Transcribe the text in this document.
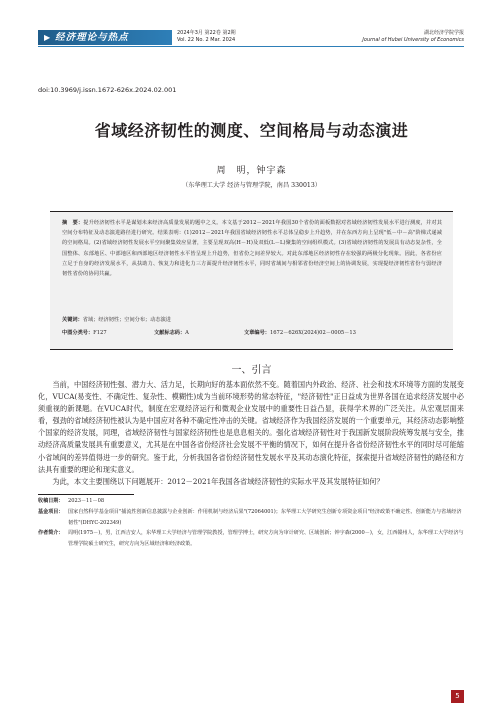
▶ 经济理论与热点	2024年3月 第22卷 第2期
Vol. 22 No. 2 Mar. 2024
湖北经济学院学报
Journal of Hubei University of Economics
doi:10.3969/j.issn.1672-626x.2024.02.001
省域经济韧性的测度、空间格局与动态演进
周　明，钟宇森
（东华理工大学 经济与管理学院，南昌 330013）
摘　要：提升经济韧性水平是谋划未来经济高质量发展的题中之义。本文基于2012－2021年我国30个省份的面板数据对省域经济韧性发展水平进行测度，并对其空间分布特征及动态演进路径进行研究。结果表明：(1)2012－2021年我国省域经济韧性水平总体呈稳步上升趋势，并在东西方向上呈现"低－中－高"阶梯式递减的空间格局。(2)省域经济韧性发展水平空间聚集效应显著，主要呈现双高(H－H)及双低(L－L)聚集的空间组织模式。(3)省域经济韧性的发展具有动态复杂性，全国整体、东部地区、中部地区和西部地区经济韧性水平皆呈现上升趋势，但省份之间差异较大。对此东部地区经济韧性存在较强的两极分化现象。因此，各省份应立足于自身的经济发展水平，从扶助力、恢复力和进化力三方面提升经济韧性水平，同时省域间与相邻省份经济空间上的协调发展，实现提经济韧性省份与弱经济韧性省份的协同共赢。
关键词：省域；经济韧性；空间分布；动态演进
中图分类号：F127	文献标志码：A	文章编号：1672－626X(2024)02－0005－13
一、引言

当前，中国经济韧性强、潜力大、活力足，长期向好的基本面依然不变。随着国内外政治、经济、社会和技术环境等方面的发展变化，VUCA(易变性、不确定性、复杂性、模糊性)成为当前环境形势的常态特征，"经济韧性"正日益成为世界各国在追求经济发展中必须重视的新课题。在VUCA时代，制度在宏观经济运行和微观企业发展中的重要性日益凸显，获得学术界的广泛关注。从宏观层面来看，强劲的省域经济韧性被认为是中国应对各种不确定性冲击的关键。省域经济作为我国经济发展的一个重要单元，其经济动态影响整个国家的经济发展，同理，省域经济韧性与国家经济韧性也是息息相关的。强化省域经济韧性对于我国新发展阶段统筹发展与安全，推动经济高质量发展具有重要意义，尤其是在中国各省份经济社会发展不平衡的情况下，如何在提升各省份经济韧性水平的同时尽可能缩小省域间的差异值得进一步的研究。鉴于此，分析我国各省份经济韧性发展水平及其动态演化特征，探索提升省域经济韧性的路径和方法具有重要的理论和现实意义。

为此，本文主要围绕以下问题展开：2012－2021年我国各省域经济韧性的实际水平及其发展特征如何？

收稿日期： 2023－11－08
基金项目： 国家自然科学基金项目"捕流性创新信息披露与企业创新：作用机制与经济后果"(72064001)；东华理工大学研究生创新专项资金项目"经济政策不确定性、创新能力与省域经济韧性"(DHYC-202349)
作者简介： 周明(1975－)，男，江西吉安人，东华理工大学经济与管理学院教授，管理学博士，研究方向为审计研究、区域创新；钟宇森(2000－)，女，江西赣州人，东华理工大学经济与管理学院硕士研究生，研究方向为区域经济和经济政策。
5
